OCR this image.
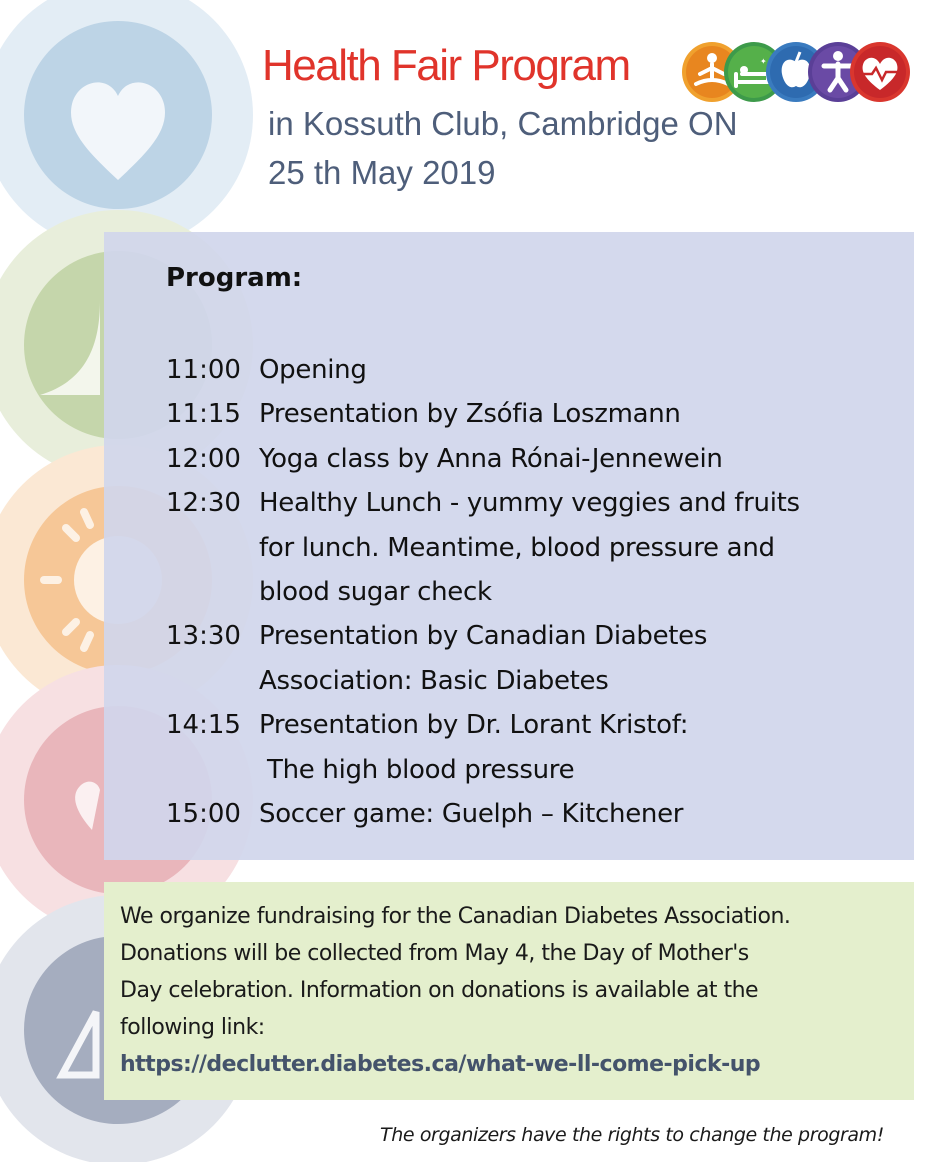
Health Fair Program
in Kossuth Club, Cambridge ON
25 th May 2019
✦
Program:
11:00 Opening
11:15 Presentation by Zsófia Loszmann
12:00 Yoga class by Anna Rónai-Jennewein
12:30 Healthy Lunch - yummy veggies and fruits
for lunch. Meantime, blood pressure and
blood sugar check
13:30 Presentation by Canadian Diabetes
Association: Basic Diabetes
14:15 Presentation by Dr. Lorant Kristof:
The high blood pressure
15:00 Soccer game: Guelph – Kitchener
We organize fundraising for the Canadian Diabetes Association.
Donations will be collected from May 4, the Day of Mother's
Day celebration. Information on donations is available at the
following link:
https://declutter.diabetes.ca/what-we-ll-come-pick-up
The organizers have the rights to change the program!
